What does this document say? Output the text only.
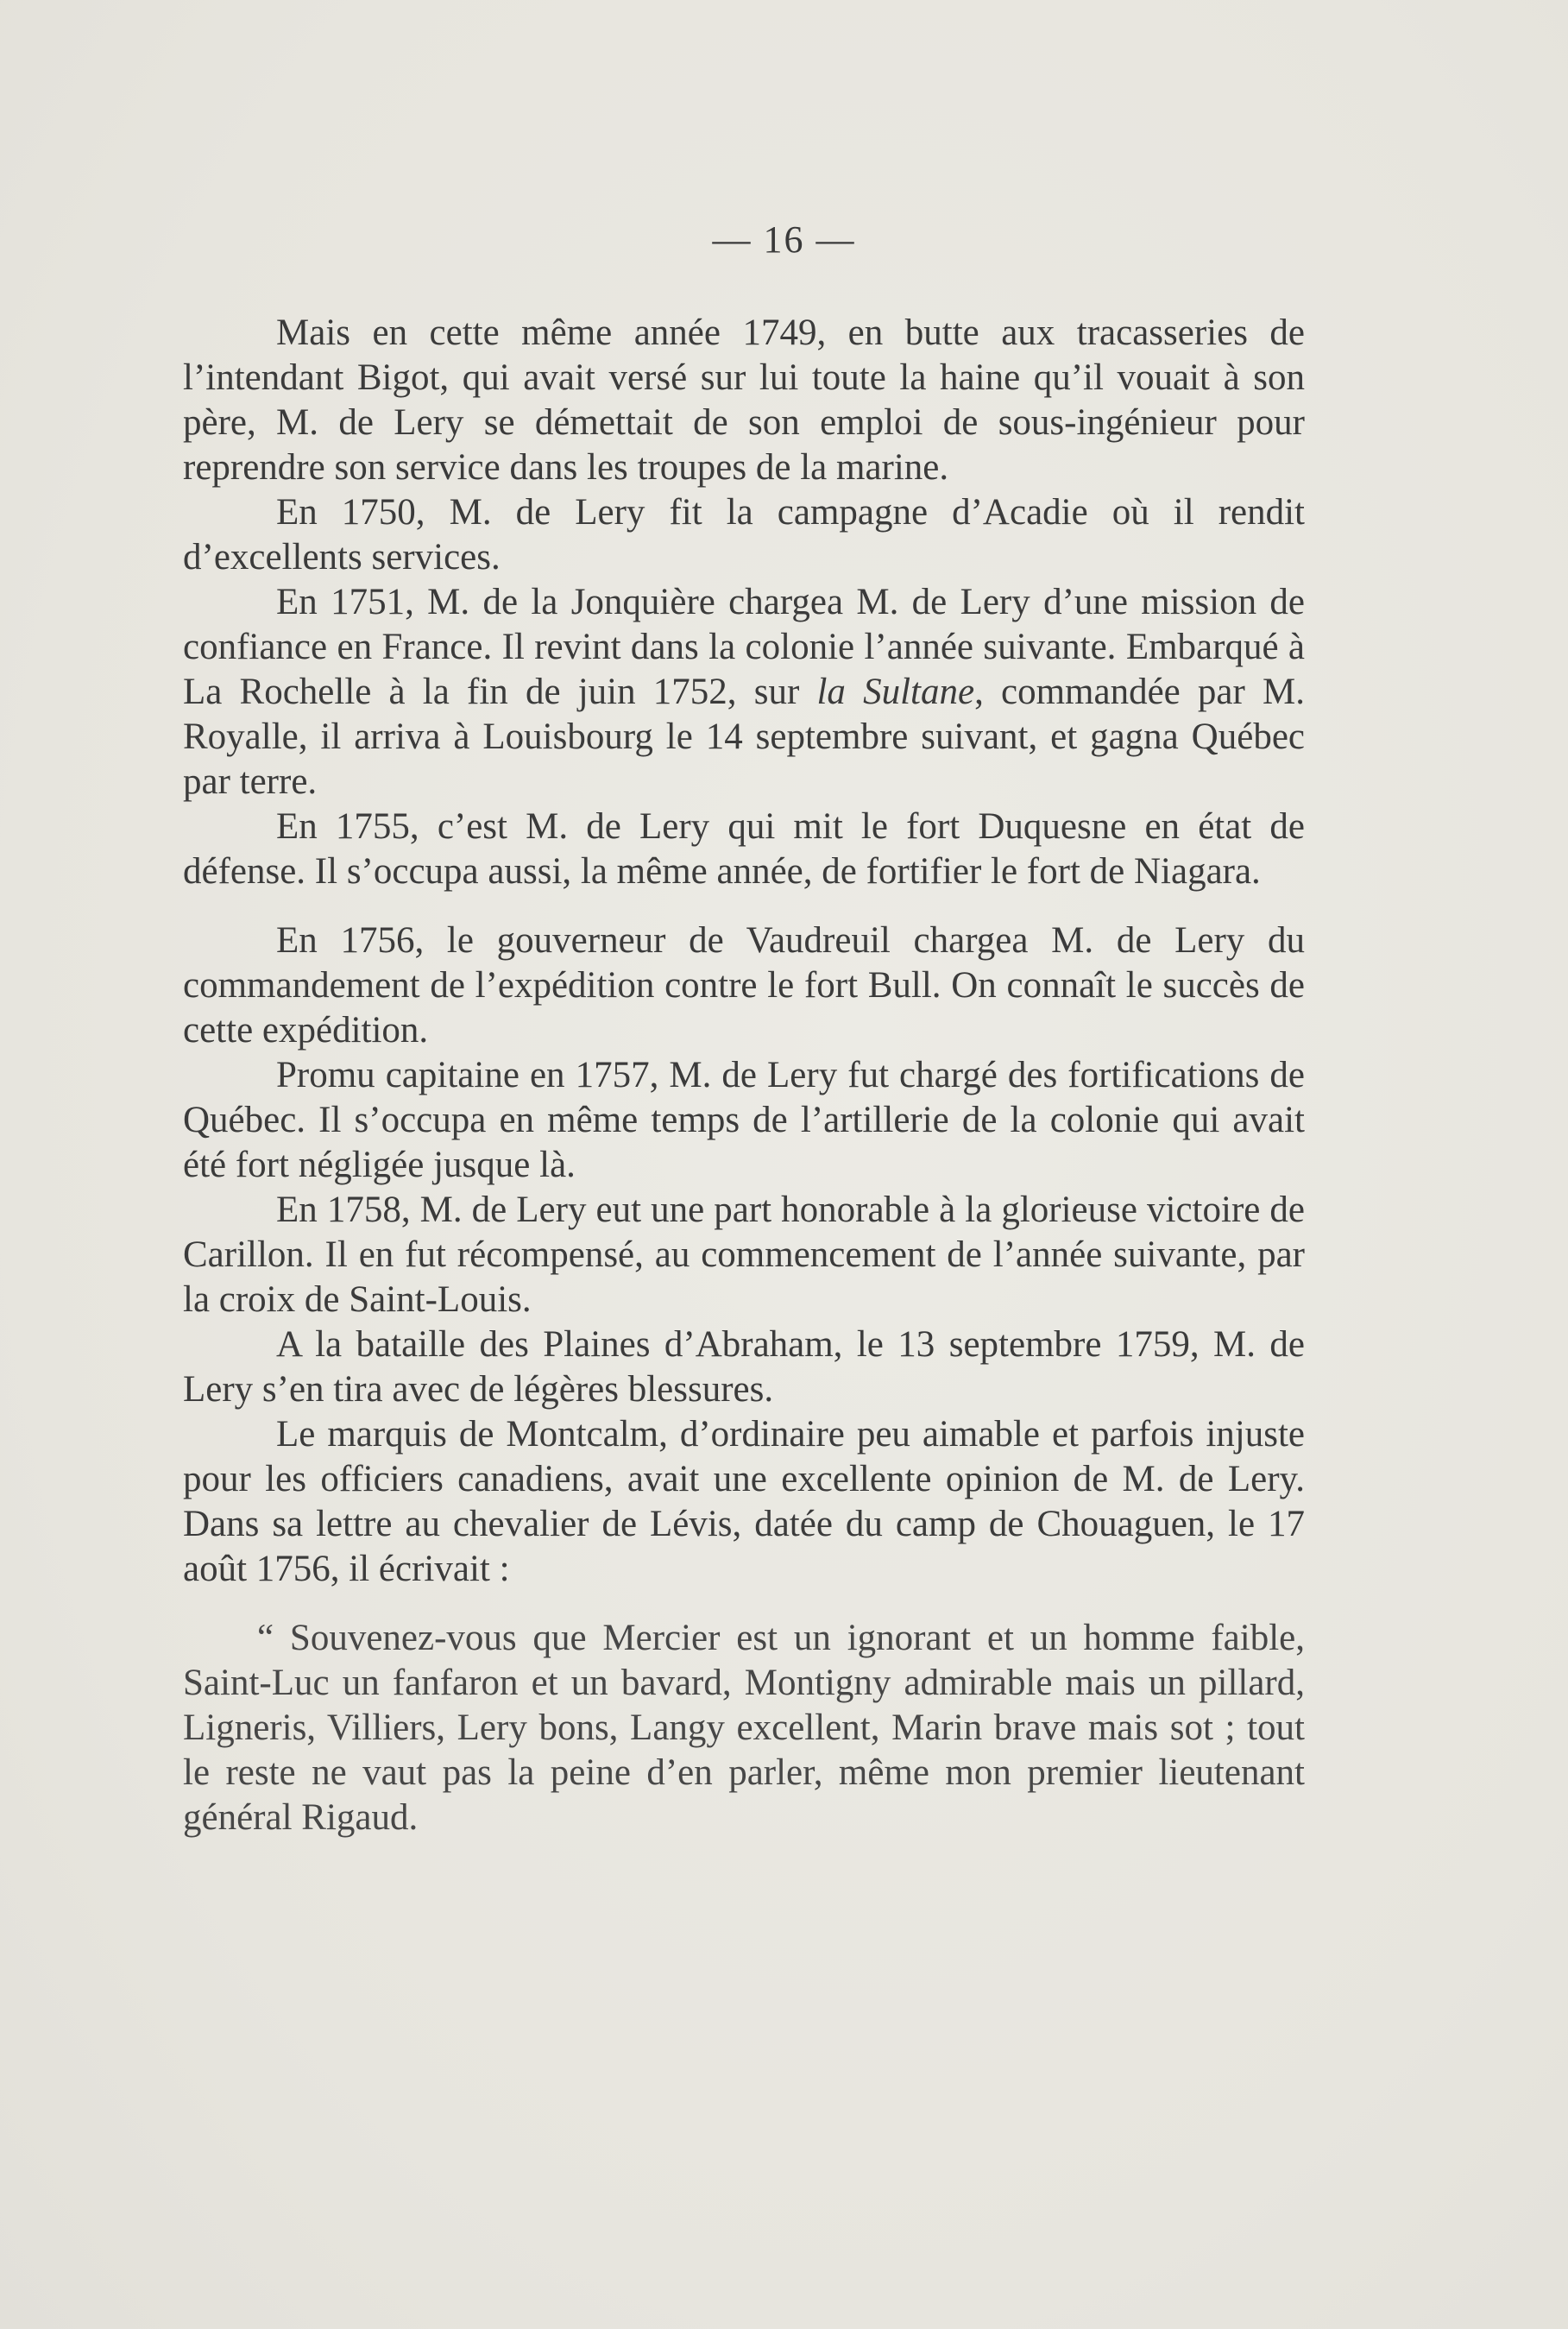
— 16 —

Mais en cette même année 1749, en butte aux tracasseries de l’intendant Bigot, qui avait versé sur lui toute la haine qu’il vouait à son père, M. de Lery se démettait de son emploi de sous-ingénieur pour reprendre son service dans les troupes de la marine.

En 1750, M. de Lery fit la campagne d’Acadie où il rendit d’excellents services.

En 1751, M. de la Jonquière chargea M. de Lery d’une mission de confiance en France. Il revint dans la colonie l’année suivante. Embarqué à La Rochelle à la fin de juin 1752, sur la Sultane, commandée par M. Royalle, il arriva à Louisbourg le 14 septembre suivant, et gagna Québec par terre.

En 1755, c’est M. de Lery qui mit le fort Duquesne en état de défense. Il s’occupa aussi, la même année, de fortifier le fort de Niagara.

En 1756, le gouverneur de Vaudreuil chargea M. de Lery du commandement de l’expédition contre le fort Bull. On connaît le succès de cette expédition.

Promu capitaine en 1757, M. de Lery fut chargé des fortifications de Québec. Il s’occupa en même temps de l’artillerie de la colonie qui avait été fort négligée jusque là.

En 1758, M. de Lery eut une part honorable à la glorieuse victoire de Carillon. Il en fut récompensé, au commencement de l’année suivante, par la croix de Saint-Louis.

A la bataille des Plaines d’Abraham, le 13 septembre 1759, M. de Lery s’en tira avec de légères blessures.

Le marquis de Montcalm, d’ordinaire peu aimable et parfois injuste pour les officiers canadiens, avait une excellente opinion de M. de Lery. Dans sa lettre au chevalier de Lévis, datée du camp de Chouaguen, le 17 août 1756, il écrivait :

“ Souvenez-vous que Mercier est un ignorant et un homme faible, Saint-Luc un fanfaron et un bavard, Montigny admirable mais un pillard, Ligneris, Villiers, Lery bons, Langy excellent, Marin brave mais sot ; tout le reste ne vaut pas la peine d’en parler, même mon premier lieutenant général Rigaud.
